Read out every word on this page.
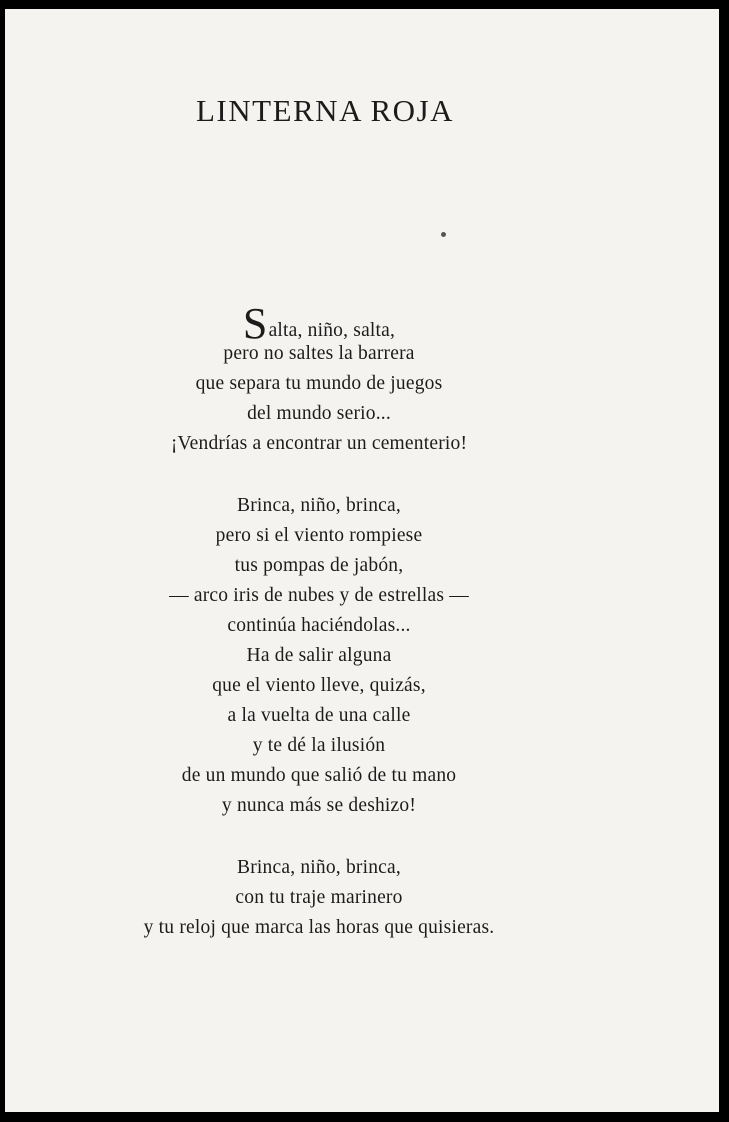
LINTERNA ROJA
Salta, niño, salta,
pero no saltes la barrera
que separa tu mundo de juegos
del mundo serio...
¡Vendrías a encontrar un cementerio!
Brinca, niño, brinca,
pero si el viento rompiese
tus pompas de jabón,
— arco iris de nubes y de estrellas —
continúa haciéndolas...
Ha de salir alguna
que el viento lleve, quizás,
a la vuelta de una calle
y te dé la ilusión
de un mundo que salió de tu mano
y nunca más se deshizo!
Brinca, niño, brinca,
con tu traje marinero
y tu reloj que marca las horas que quisieras.
